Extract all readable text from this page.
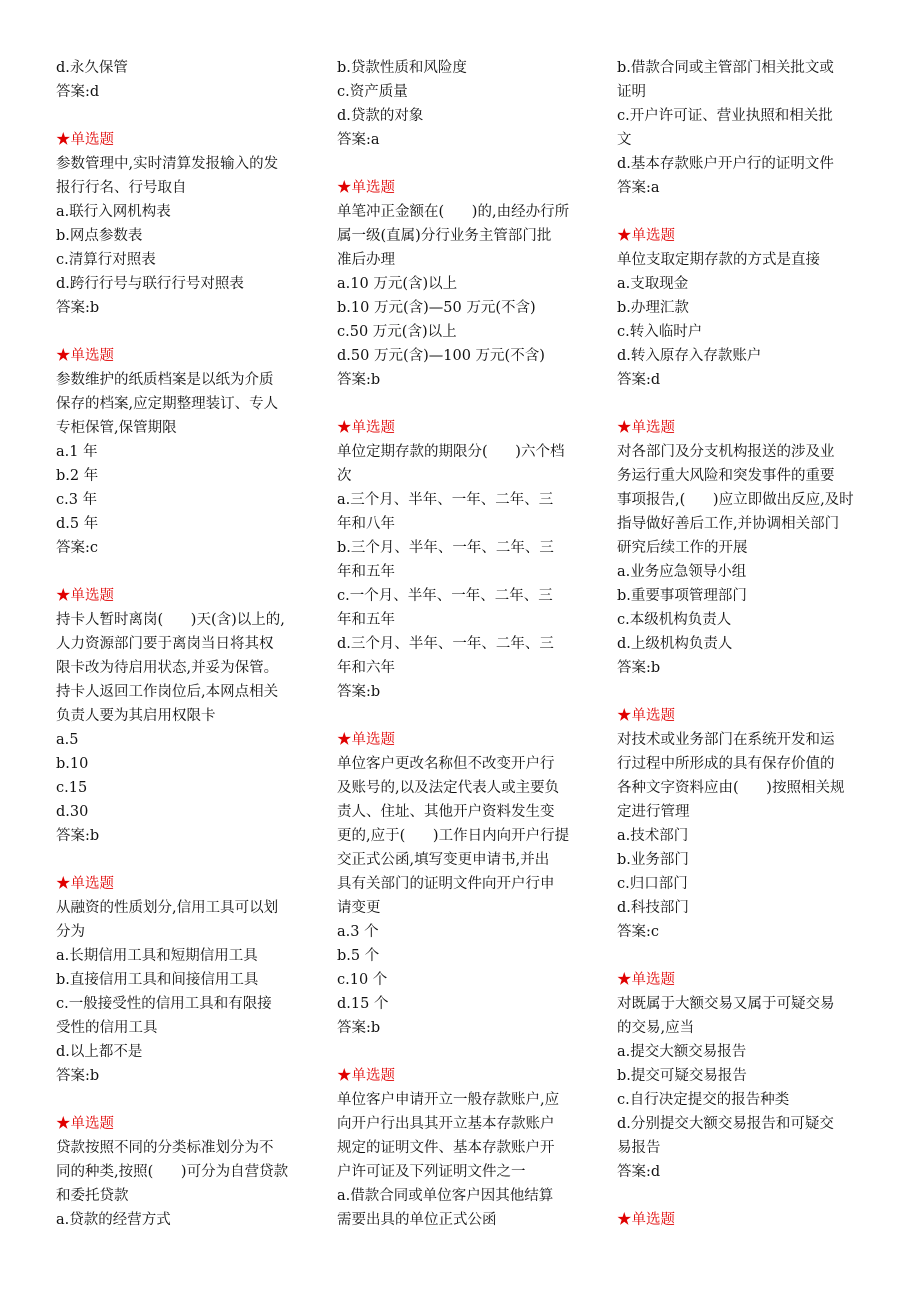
d.永久保管
答案:d
★单选题
参数管理中,实时清算发报输入的发
报行行名、行号取自
a.联行入网机构表
b.网点参数表
c.清算行对照表
d.跨行行号与联行行号对照表
答案:b
★单选题
参数维护的纸质档案是以纸为介质
保存的档案,应定期整理装订、专人
专柜保管,保管期限
a.1 年
b.2 年
c.3 年
d.5 年
答案:c
★单选题
持卡人暂时离岗(      )天(含)以上的,
人力资源部门要于离岗当日将其权
限卡改为待启用状态,并妥为保管。
持卡人返回工作岗位后,本网点相关
负责人要为其启用权限卡
a.5
b.10
c.15
d.30
答案:b
★单选题
从融资的性质划分,信用工具可以划
分为
a.长期信用工具和短期信用工具
b.直接信用工具和间接信用工具
c.一般接受性的信用工具和有限接
受性的信用工具
d.以上都不是
答案:b
★单选题
贷款按照不同的分类标准划分为不
同的种类,按照(      )可分为自营贷款
和委托贷款
a.贷款的经营方式
b.贷款性质和风险度
c.资产质量
d.贷款的对象
答案:a
★单选题
单笔冲正金额在(      )的,由经办行所
属一级(直属)分行业务主管部门批
准后办理
a.10 万元(含)以上
b.10 万元(含)—50 万元(不含)
c.50 万元(含)以上
d.50 万元(含)—100 万元(不含)
答案:b
★单选题
单位定期存款的期限分(      )六个档
次
a.三个月、半年、一年、二年、三
年和八年
b.三个月、半年、一年、二年、三
年和五年
c.一个月、半年、一年、二年、三
年和五年
d.三个月、半年、一年、二年、三
年和六年
答案:b
★单选题
单位客户更改名称但不改变开户行
及账号的,以及法定代表人或主要负
责人、住址、其他开户资料发生变
更的,应于(      )工作日内向开户行提
交正式公函,填写变更申请书,并出
具有关部门的证明文件向开户行申
请变更
a.3 个
b.5 个
c.10 个
d.15 个
答案:b
★单选题
单位客户申请开立一般存款账户,应
向开户行出具其开立基本存款账户
规定的证明文件、基本存款账户开
户许可证及下列证明文件之一
a.借款合同或单位客户因其他结算
需要出具的单位正式公函
b.借款合同或主管部门相关批文或
证明
c.开户许可证、营业执照和相关批
文
d.基本存款账户开户行的证明文件
答案:a
★单选题
单位支取定期存款的方式是直接
a.支取现金
b.办理汇款
c.转入临时户
d.转入原存入存款账户
答案:d
★单选题
对各部门及分支机构报送的涉及业
务运行重大风险和突发事件的重要
事项报告,(      )应立即做出反应,及时
指导做好善后工作,并协调相关部门
研究后续工作的开展
a.业务应急领导小组
b.重要事项管理部门
c.本级机构负责人
d.上级机构负责人
答案:b
★单选题
对技术或业务部门在系统开发和运
行过程中所形成的具有保存价值的
各种文字资料应由(      )按照相关规
定进行管理
a.技术部门
b.业务部门
c.归口部门
d.科技部门
答案:c
★单选题
对既属于大额交易又属于可疑交易
的交易,应当
a.提交大额交易报告
b.提交可疑交易报告
c.自行决定提交的报告种类
d.分别提交大额交易报告和可疑交
易报告
答案:d
★单选题
